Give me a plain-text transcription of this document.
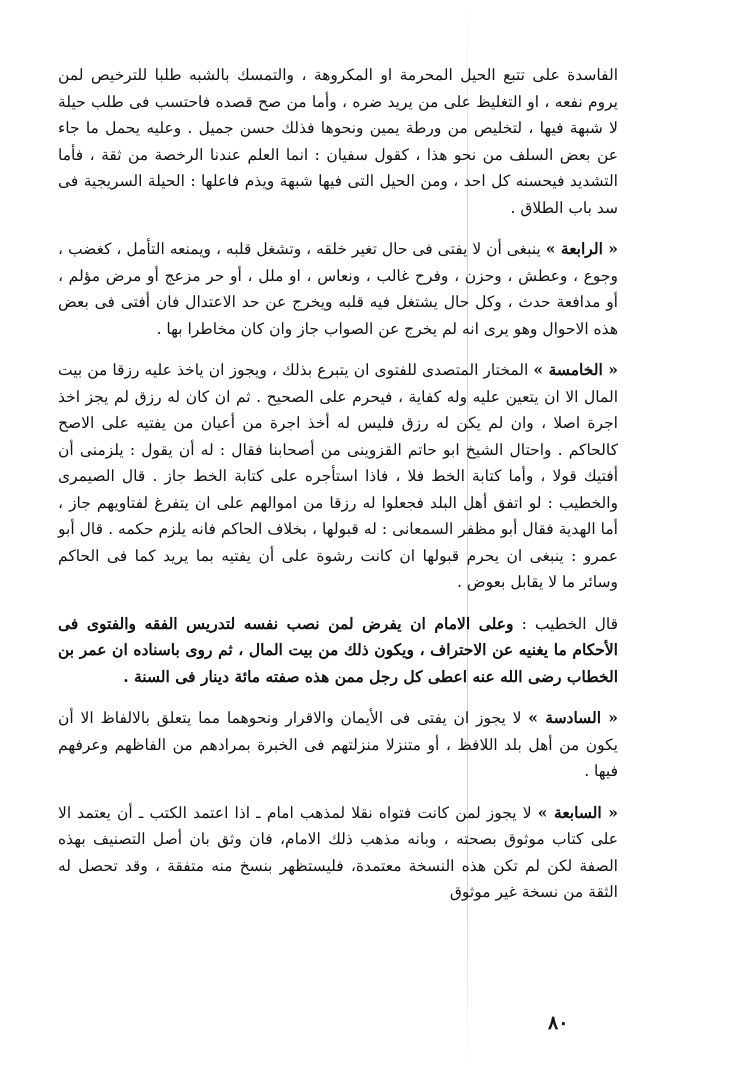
الفاسدة على تتبع الحيل المحرمة او المكروهة ، والتمسك بالشبه طلبا للترخيص لمن يروم نفعه ، او التغليظ على من يريد ضره ، وأما من صح قصده فاحتسب فى طلب حيلة لا شبهة فيها ، لتخليص من ورطة يمين ونحوها فذلك حسن جميل . وعليه يحمل ما جاء عن بعض السلف من نحو هذا ، كقول سفيان : انما العلم عندنا الرخصة من ثقة ، فأما التشديد فيحسنه كل احد ، ومن الحيل التى فيها شبهة ويذم فاعلها : الحيلة السريجية فى سد باب الطلاق .

« الرابعة » ينبغى أن لا يفتى فى حال تغير خلقه ، وتشغل قلبه ، ويمنعه التأمل ، كغضب ، وجوع ، وعطش ، وحزن ، وفرح غالب ، ونعاس ، او ملل ، أو حر مزعج أو مرض مؤلم ، أو مدافعة حدث ، وكل حال يشتغل فيه قلبه ويخرج عن حد الاعتدال فان أفتى فى بعض هذه الاحوال وهو يرى انه لم يخرج عن الصواب جاز وان كان مخاطرا بها .

« الخامسة » المختار المتصدى للفتوى ان يتبرع بذلك ، ويجوز ان ياخذ عليه رزقا من بيت المال الا ان يتعين عليه وله كفاية ، فيحرم على الصحيح . ثم ان كان له رزق لم يجز اخذ اجرة اصلا ، وان لم يكن له رزق فليس له أخذ اجرة من أعيان من يفتيه على الاصح كالحاكم . واحتال الشيخ ابو حاتم القزوينى من أصحابنا فقال : له أن يقول : يلزمنى أن أفتيك قولا ، وأما كتابة الخط فلا ، فاذا استأجره على كتابة الخط جاز . قال الصيمرى والخطيب : لو اتفق أهل البلد فجعلوا له رزقا من اموالهم على ان يتفرغ لفتاويهم جاز ، أما الهدية فقال أبو مظفر السمعانى : له قبولها ، بخلاف الحاكم فانه يلزم حكمه . قال أبو عمرو : ينبغى ان يحرم قبولها ان كانت رشوة على أن يفتيه بما يريد كما فى الحاكم وسائر ما لا يقابل بعوض .

قال الخطيب : وعلى الامام ان يفرض لمن نصب نفسه لتدريس الفقه والفتوى فى الأحكام ما يغنيه عن الاحتراف ، ويكون ذلك من بيت المال ، ثم روى باسناده ان عمر بن الخطاب رضى الله عنه اعطى كل رجل ممن هذه صفته مائة دينار فى السنة .

« السادسة » لا يجوز ان يفتى فى الأيمان والاقرار ونحوهما مما يتعلق بالالفاظ الا أن يكون من أهل بلد اللافظ ، أو متنزلا منزلتهم فى الخبرة بمرادهم من الفاظهم وعرفهم فيها .

« السابعة » لا يجوز لمن كانت فتواه نقلا لمذهب امام ـ اذا اعتمد الكتب ـ أن يعتمد الا على كتاب موثوق بصحته ، وبانه مذهب ذلك الامام، فان وثق بان أصل التصنيف بهذه الصفة لكن لم تكن هذه النسخة معتمدة، فليستظهر بنسخ منه متفقة ، وقد تحصل له الثقة من نسخة غير موثوق

٨٠
